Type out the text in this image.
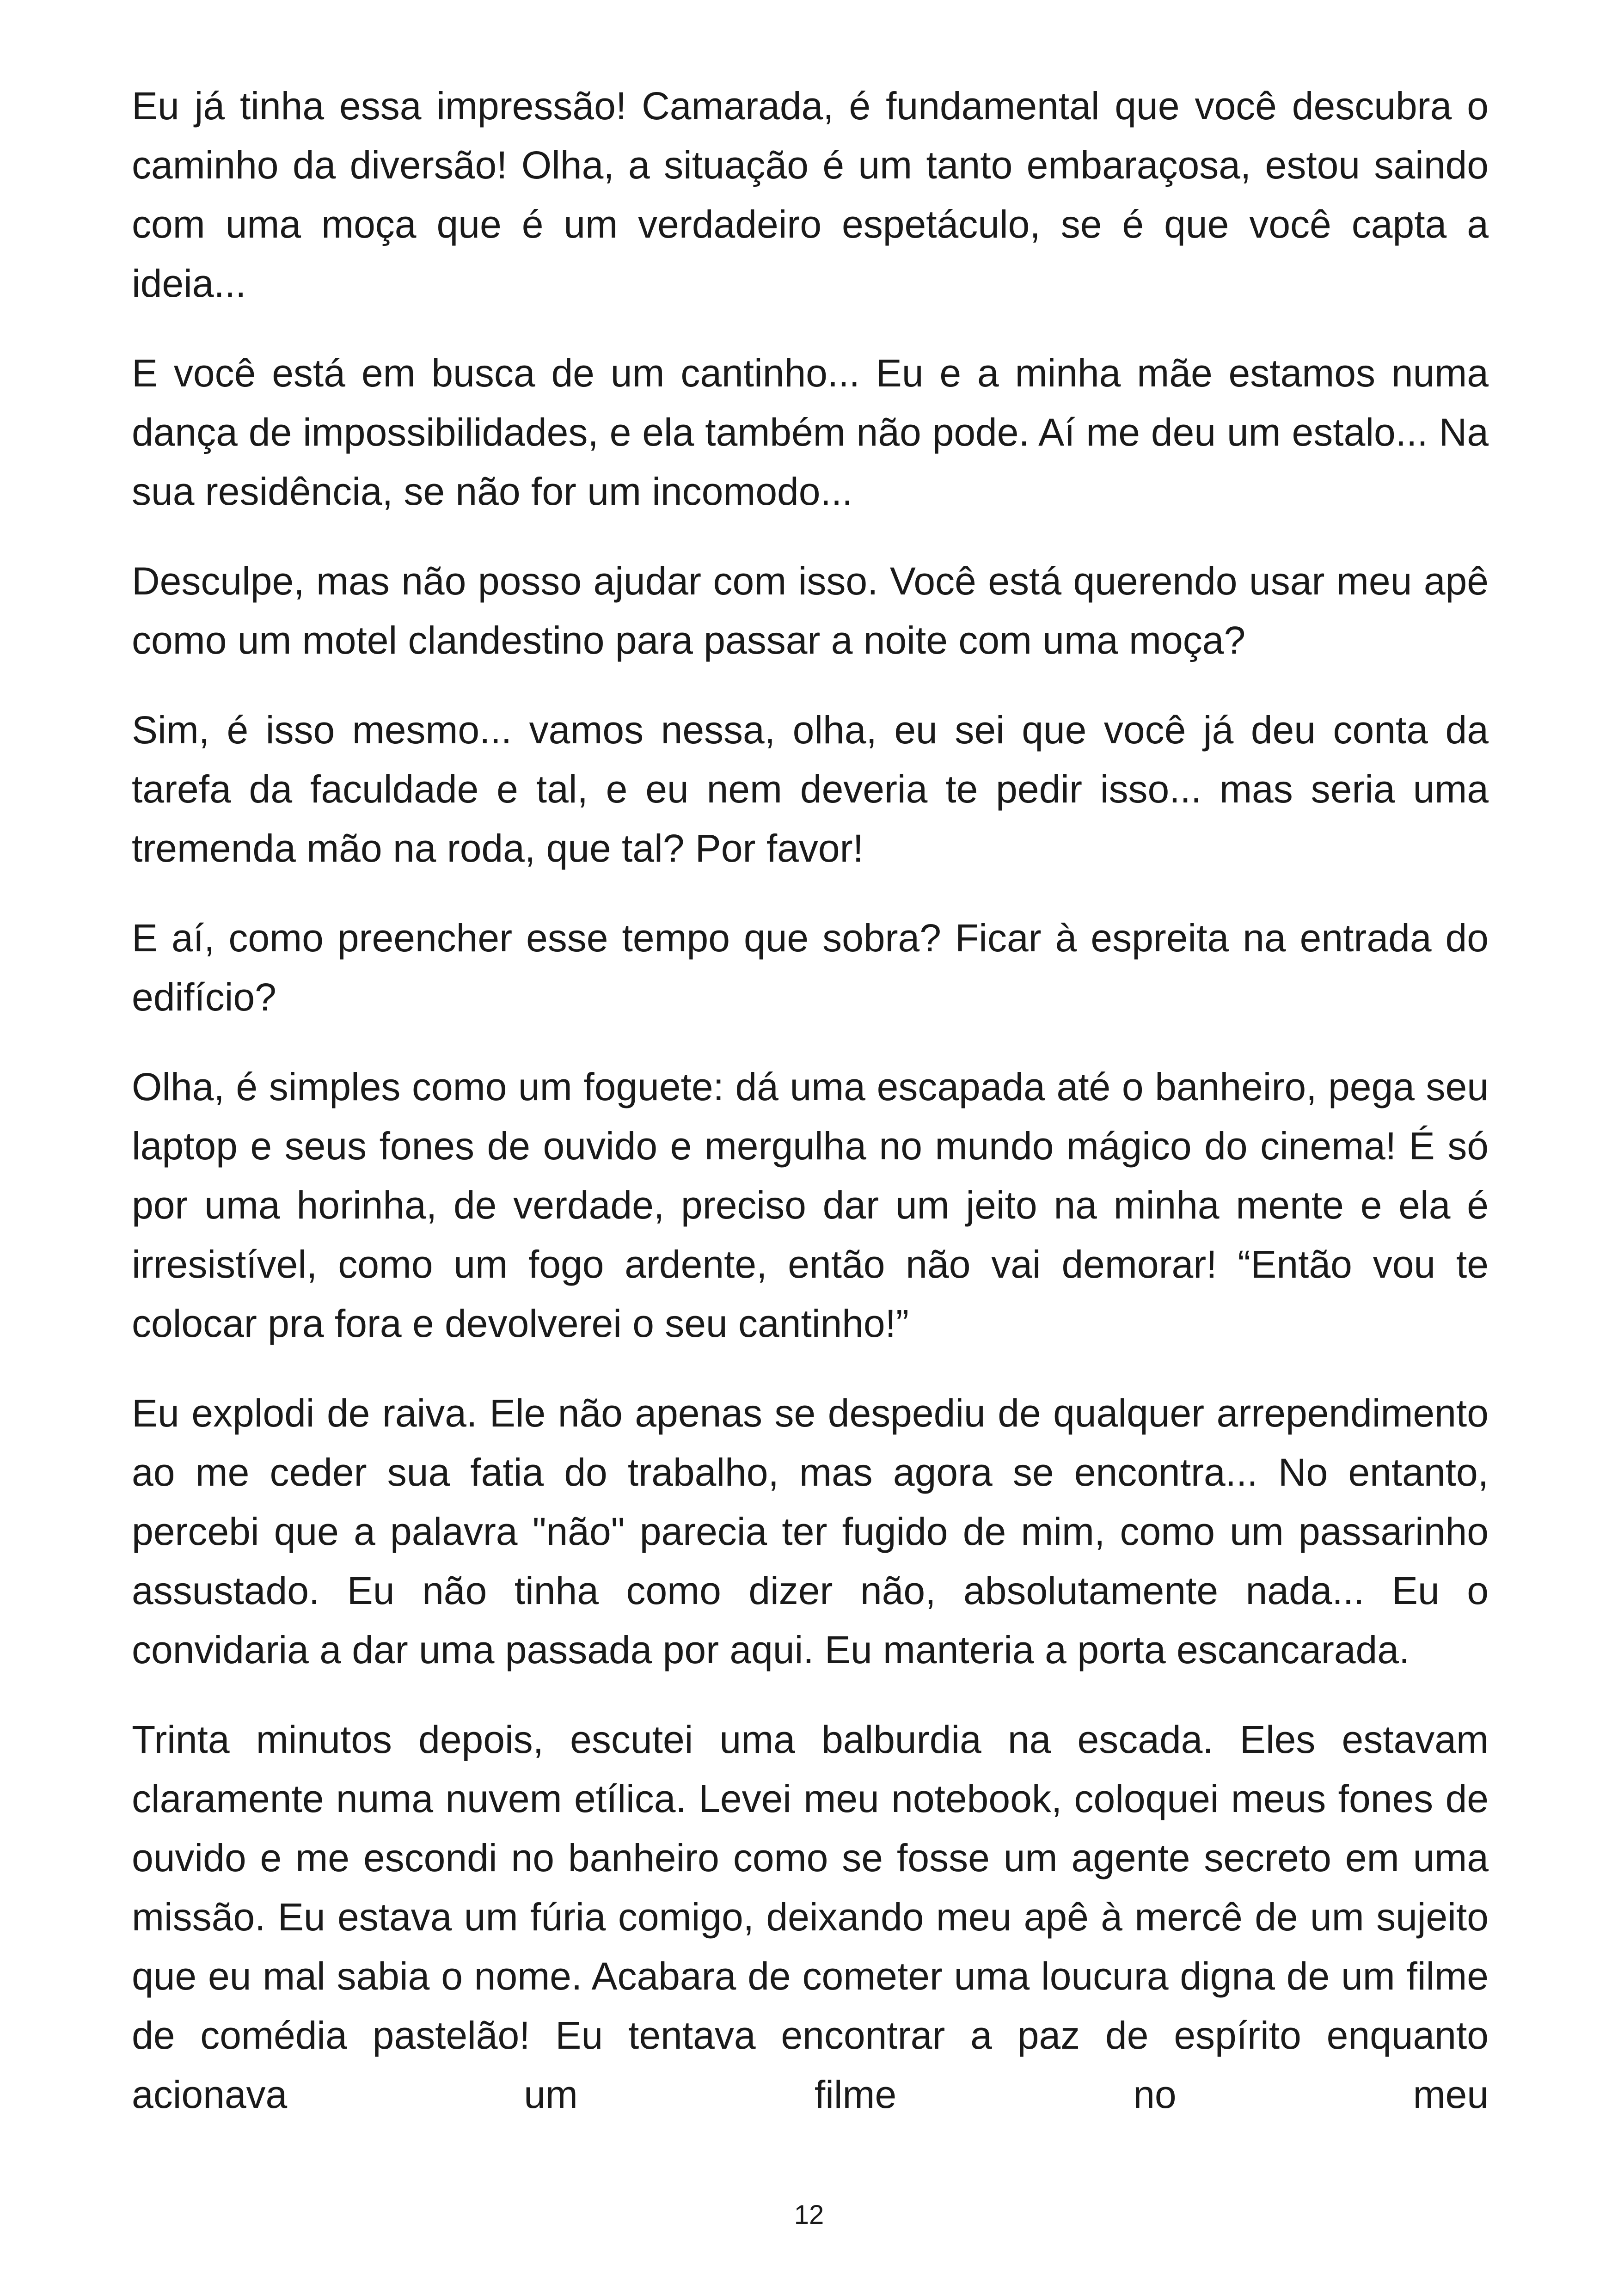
Eu já tinha essa impressão! Camarada, é fundamental que você descubra o caminho da diversão! Olha, a situação é um tanto embaraçosa, estou saindo com uma moça que é um verdadeiro espetáculo, se é que você capta a ideia...

E você está em busca de um cantinho... Eu e a minha mãe estamos numa dança de impossibilidades, e ela também não pode. Aí me deu um estalo... Na sua residência, se não for um incomodo...

Desculpe, mas não posso ajudar com isso. Você está querendo usar meu apê como um motel clandestino para passar a noite com uma moça?

Sim, é isso mesmo... vamos nessa, olha, eu sei que você já deu conta da tarefa da faculdade e tal, e eu nem deveria te pedir isso... mas seria uma tremenda mão na roda, que tal? Por favor!

E aí, como preencher esse tempo que sobra? Ficar à espreita na entrada do edifício?

Olha, é simples como um foguete: dá uma escapada até o banheiro, pega seu laptop e seus fones de ouvido e mergulha no mundo mágico do cinema! É só por uma horinha, de verdade, preciso dar um jeito na minha mente e ela é irresistível, como um fogo ardente, então não vai demorar! “Então vou te colocar pra fora e devolverei o seu cantinho!”

Eu explodi de raiva. Ele não apenas se despediu de qualquer arrependimento ao me ceder sua fatia do trabalho, mas agora se encontra... No entanto, percebi que a palavra "não" parecia ter fugido de mim, como um passarinho assustado. Eu não tinha como dizer não, absolutamente nada... Eu o convidaria a dar uma passada por aqui. Eu manteria a porta escancarada.

Trinta minutos depois, escutei uma balburdia na escada. Eles estavam claramente numa nuvem etílica. Levei meu notebook, coloquei meus fones de ouvido e me escondi no banheiro como se fosse um agente secreto em uma missão. Eu estava um fúria comigo, deixando meu apê à mercê de um sujeito que eu mal sabia o nome. Acabara de cometer uma loucura digna de um filme de comédia pastelão! Eu tentava encontrar a paz de espírito enquanto acionava um filme no meu

12
